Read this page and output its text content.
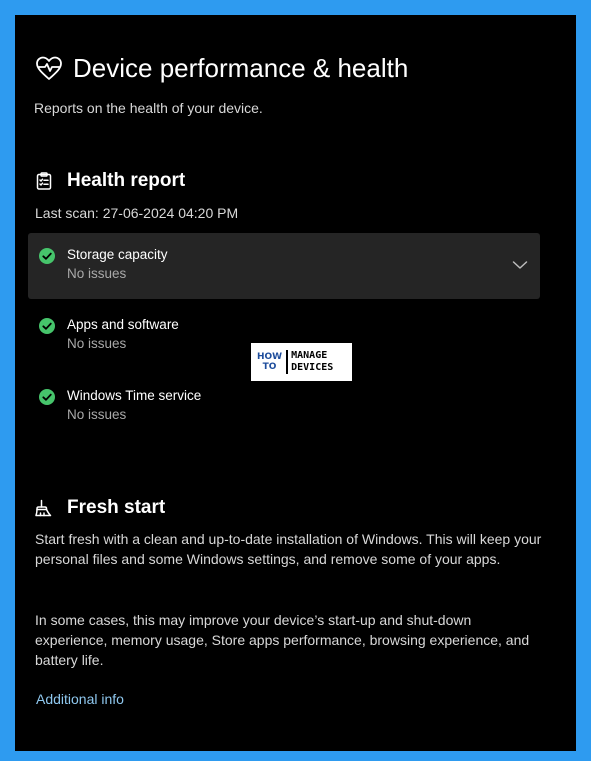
Device performance & health
Reports on the health of your device.
Health report
Last scan: 27-06-2024 04:20 PM
Storage capacity
No issues
Apps and software
No issues
Windows Time service
No issues
HOW
TO
MANAGE
DEVICES
Fresh start
Start fresh with a clean and up-to-date installation of Windows. This will keep your personal files and some Windows settings, and remove some of your apps.
In some cases, this may improve your device’s start-up and shut-down experience, memory usage, Store apps performance, browsing experience, and battery life.
Additional info
